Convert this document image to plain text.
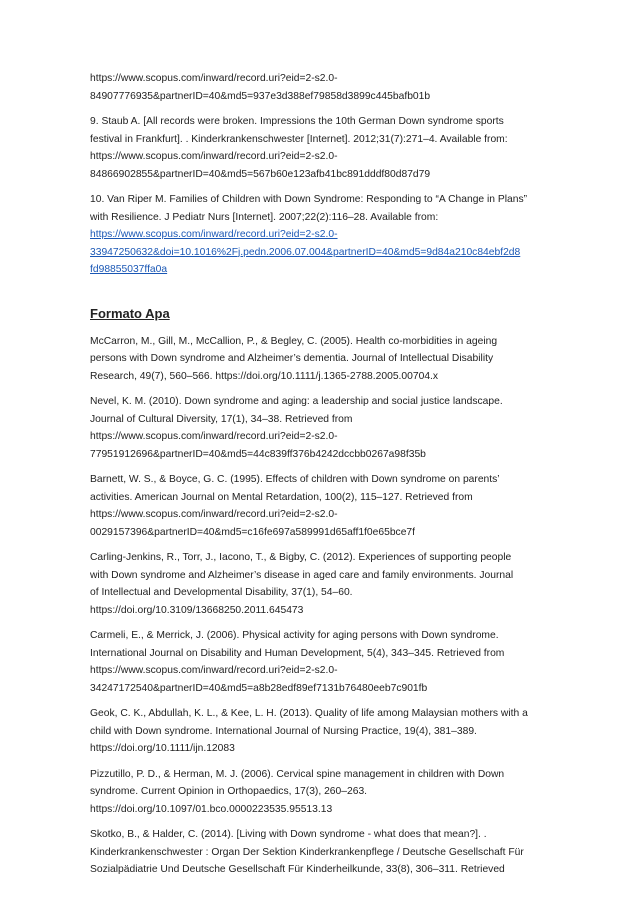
https://www.scopus.com/inward/record.uri?eid=2-s2.0-
84907776935&partnerID=40&md5=937e3d388ef79858d3899c445bafb01b
9. Staub A. [All records were broken. Impressions the 10th German Down syndrome sports
festival in Frankfurt]. . Kinderkrankenschwester [Internet]. 2012;31(7):271–4. Available from:
https://www.scopus.com/inward/record.uri?eid=2-s2.0-
84866902855&partnerID=40&md5=567b60e123afb41bc891dddf80d87d79
10. Van Riper M. Families of Children with Down Syndrome: Responding to “A Change in Plans”
with Resilience. J Pediatr Nurs [Internet]. 2007;22(2):116–28. Available from:
https://www.scopus.com/inward/record.uri?eid=2-s2.0-
33947250632&doi=10.1016%2Fj.pedn.2006.07.004&partnerID=40&md5=9d84a210c84ebf2d8
fd98855037ffa0a
Formato Apa
McCarron, M., Gill, M., McCallion, P., & Begley, C. (2005). Health co-morbidities in ageing
persons with Down syndrome and Alzheimer’s dementia. Journal of Intellectual Disability
Research, 49(7), 560–566. https://doi.org/10.1111/j.1365-2788.2005.00704.x
Nevel, K. M. (2010). Down syndrome and aging: a leadership and social justice landscape.
Journal of Cultural Diversity, 17(1), 34–38. Retrieved from
https://www.scopus.com/inward/record.uri?eid=2-s2.0-
77951912696&partnerID=40&md5=44c839ff376b4242dccbb0267a98f35b
Barnett, W. S., & Boyce, G. C. (1995). Effects of children with Down syndrome on parents’
activities. American Journal on Mental Retardation, 100(2), 115–127. Retrieved from
https://www.scopus.com/inward/record.uri?eid=2-s2.0-
0029157396&partnerID=40&md5=c16fe697a589991d65aff1f0e65bce7f
Carling-Jenkins, R., Torr, J., Iacono, T., & Bigby, C. (2012). Experiences of supporting people
with Down syndrome and Alzheimer’s disease in aged care and family environments. Journal
of Intellectual and Developmental Disability, 37(1), 54–60.
https://doi.org/10.3109/13668250.2011.645473
Carmeli, E., & Merrick, J. (2006). Physical activity for aging persons with Down syndrome.
International Journal on Disability and Human Development, 5(4), 343–345. Retrieved from
https://www.scopus.com/inward/record.uri?eid=2-s2.0-
34247172540&partnerID=40&md5=a8b28edf89ef7131b76480eeb7c901fb
Geok, C. K., Abdullah, K. L., & Kee, L. H. (2013). Quality of life among Malaysian mothers with a
child with Down syndrome. International Journal of Nursing Practice, 19(4), 381–389.
https://doi.org/10.1111/ijn.12083
Pizzutillo, P. D., & Herman, M. J. (2006). Cervical spine management in children with Down
syndrome. Current Opinion in Orthopaedics, 17(3), 260–263.
https://doi.org/10.1097/01.bco.0000223535.95513.13
Skotko, B., & Halder, C. (2014). [Living with Down syndrome - what does that mean?]. .
Kinderkrankenschwester : Organ Der Sektion Kinderkrankenpflege / Deutsche Gesellschaft Für
Sozialpädiatrie Und Deutsche Gesellschaft Für Kinderheilkunde, 33(8), 306–311. Retrieved
